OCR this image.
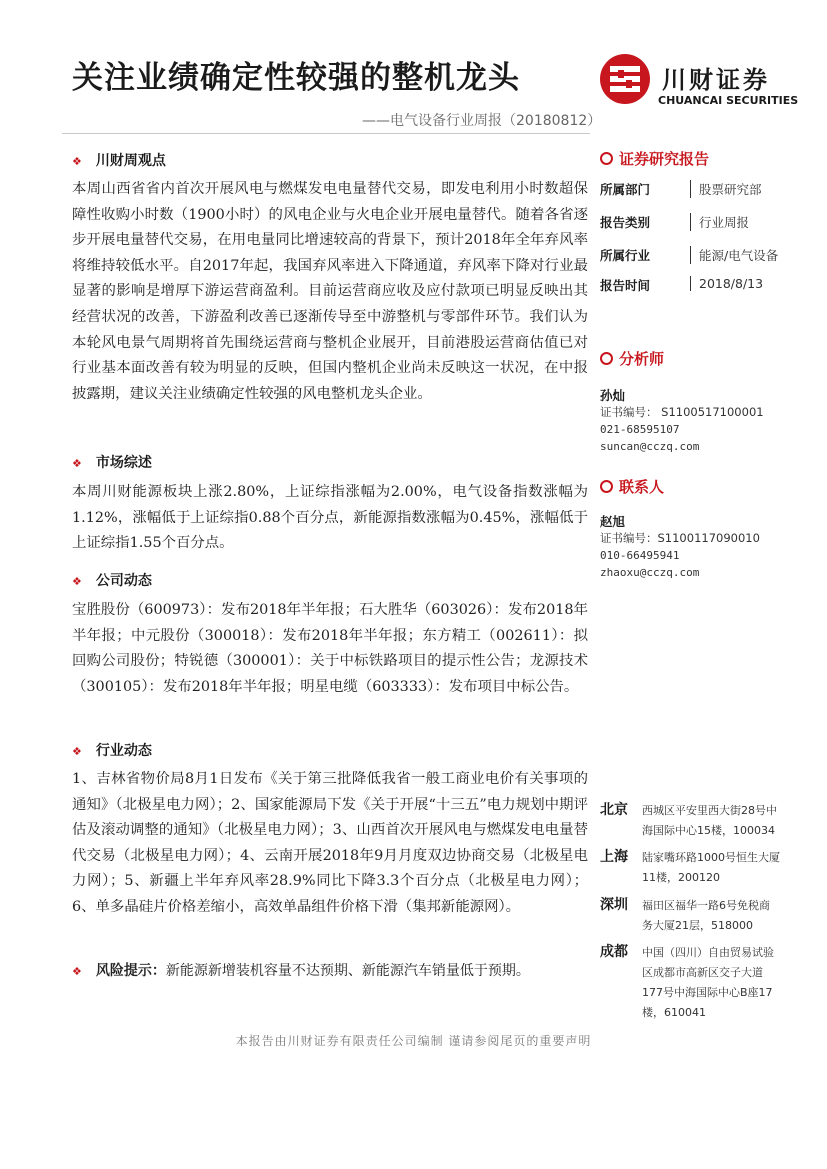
关注业绩确定性较强的整机龙头
——电气设备行业周报（20180812）
川财证券
CHUANCAI SECURITIES
❖ 川财周观点
本周山西省省内首次开展风电与燃煤发电电量替代交易，即发电利用小时数超保障性收购小时数（1900小时）的风电企业与火电企业开展电量替代。随着各省逐步开展电量替代交易，在用电量同比增速较高的背景下，预计2018年全年弃风率将维持较低水平。自2017年起，我国弃风率进入下降通道，弃风率下降对行业最显著的影响是增厚下游运营商盈利。目前运营商应收及应付款项已明显反映出其经营状况的改善，下游盈利改善已逐渐传导至中游整机与零部件环节。我们认为本轮风电景气周期将首先围绕运营商与整机企业展开，目前港股运营商估值已对行业基本面改善有较为明显的反映，但国内整机企业尚未反映这一状况，在中报披露期，建议关注业绩确定性较强的风电整机龙头企业。
❖ 市场综述
本周川财能源板块上涨2.80%，上证综指涨幅为2.00%，电气设备指数涨幅为1.12%，涨幅低于上证综指0.88个百分点，新能源指数涨幅为0.45%，涨幅低于上证综指1.55个百分点。
❖ 公司动态
宝胜股份（600973）：发布2018年半年报；石大胜华（603026）：发布2018年半年报；中元股份（300018）：发布2018年半年报；东方精工（002611）：拟回购公司股份；特锐德（300001）：关于中标铁路项目的提示性公告；龙源技术（300105）：发布2018年半年报；明星电缆（603333）：发布项目中标公告。
❖ 行业动态
1、吉林省物价局8月1日发布《关于第三批降低我省一般工商业电价有关事项的通知》（北极星电力网）；2、国家能源局下发《关于开展“十三五”电力规划中期评估及滚动调整的通知》（北极星电力网）；3、山西首次开展风电与燃煤发电电量替代交易（北极星电力网）；4、云南开展2018年9月月度双边协商交易（北极星电力网）；5、新疆上半年弃风率28.9%同比下降3.3个百分点（北极星电力网）；6、单多晶硅片价格差缩小，高效单晶组件价格下滑（集邦新能源网）。
❖ 风险提示：新能源新增装机容量不达预期、新能源汽车销量低于预期。
证券研究报告
所属部门	股票研究部
报告类别	行业周报
所属行业	能源/电气设备
报告时间	2018/8/13
分析师
孙灿
证书编号： S1100517100001
021-68595107
suncan@cczq.com
联系人
赵旭
证书编号：S1100117090010
010-66495941
zhaoxu@cczq.com
北京 西城区平安里西大街28号中
海国际中心15楼，100034
上海 陆家嘴环路1000号恒生大厦
11楼，200120
深圳 福田区福华一路6号免税商
务大厦21层，518000
成都 中国（四川）自由贸易试验
区成都市高新区交子大道
177号中海国际中心B座17
楼，610041
本报告由川财证券有限责任公司编制 谨请参阅尾页的重要声明
